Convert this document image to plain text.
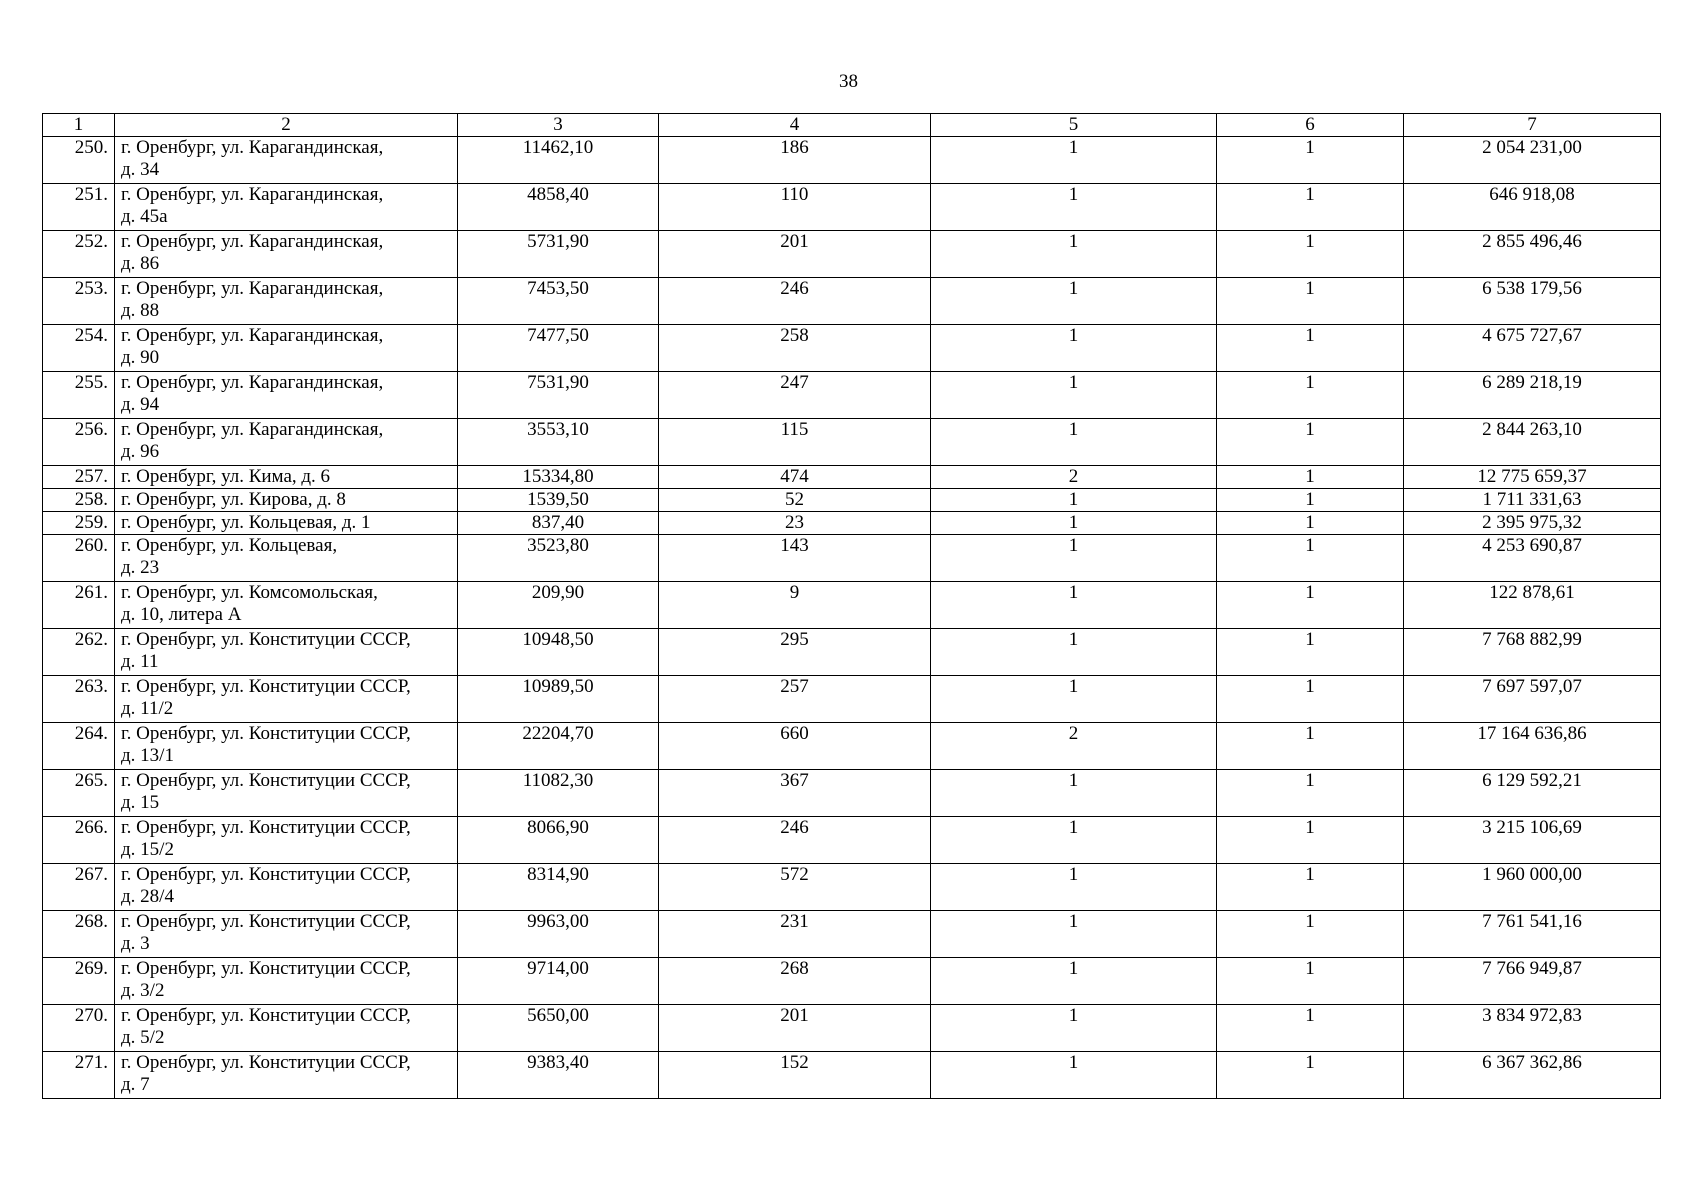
38
1	2	3	4	5	6	7
250.	г. Оренбург, ул. Карагандинская,
д. 34	11462,10	186	1	1	2 054 231,00
251.	г. Оренбург, ул. Карагандинская,
д. 45а	4858,40	110	1	1	646 918,08
252.	г. Оренбург, ул. Карагандинская,
д. 86	5731,90	201	1	1	2 855 496,46
253.	г. Оренбург, ул. Карагандинская,
д. 88	7453,50	246	1	1	6 538 179,56
254.	г. Оренбург, ул. Карагандинская,
д. 90	7477,50	258	1	1	4 675 727,67
255.	г. Оренбург, ул. Карагандинская,
д. 94	7531,90	247	1	1	6 289 218,19
256.	г. Оренбург, ул. Карагандинская,
д. 96	3553,10	115	1	1	2 844 263,10
257.	г. Оренбург, ул. Кима, д. 6	15334,80	474	2	1	12 775 659,37
258.	г. Оренбург, ул. Кирова, д. 8	1539,50	52	1	1	1 711 331,63
259.	г. Оренбург, ул. Кольцевая, д. 1	837,40	23	1	1	2 395 975,32
260.	г. Оренбург, ул. Кольцевая,
д. 23	3523,80	143	1	1	4 253 690,87
261.	г. Оренбург, ул. Комсомольская,
д. 10, литера А	209,90	9	1	1	122 878,61
262.	г. Оренбург, ул. Конституции СССР,
д. 11	10948,50	295	1	1	7 768 882,99
263.	г. Оренбург, ул. Конституции СССР,
д. 11/2	10989,50	257	1	1	7 697 597,07
264.	г. Оренбург, ул. Конституции СССР,
д. 13/1	22204,70	660	2	1	17 164 636,86
265.	г. Оренбург, ул. Конституции СССР,
д. 15	11082,30	367	1	1	6 129 592,21
266.	г. Оренбург, ул. Конституции СССР,
д. 15/2	8066,90	246	1	1	3 215 106,69
267.	г. Оренбург, ул. Конституции СССР,
д. 28/4	8314,90	572	1	1	1 960 000,00
268.	г. Оренбург, ул. Конституции СССР,
д. 3	9963,00	231	1	1	7 761 541,16
269.	г. Оренбург, ул. Конституции СССР,
д. 3/2	9714,00	268	1	1	7 766 949,87
270.	г. Оренбург, ул. Конституции СССР,
д. 5/2	5650,00	201	1	1	3 834 972,83
271.	г. Оренбург, ул. Конституции СССР,
д. 7	9383,40	152	1	1	6 367 362,86
